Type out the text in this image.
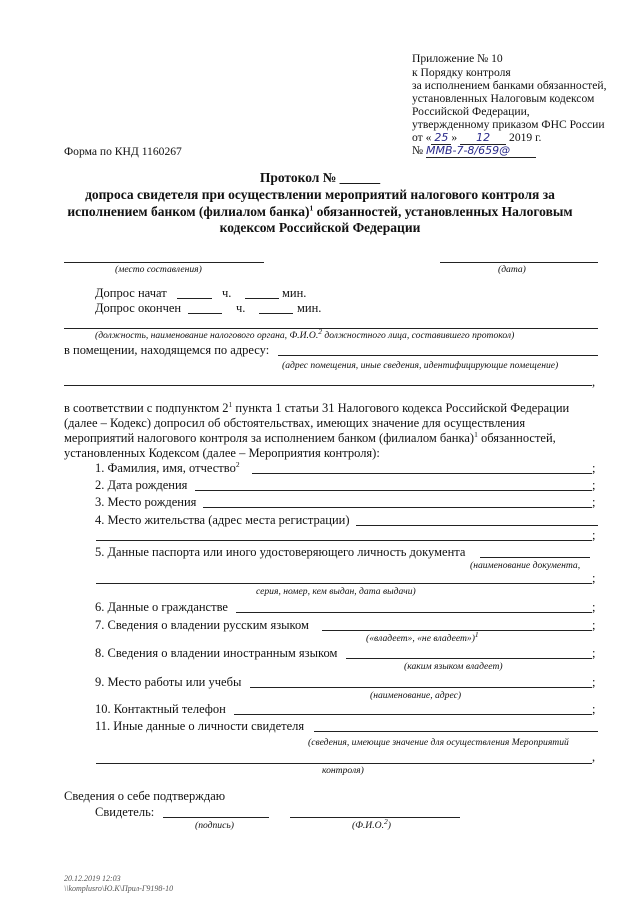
Приложение № 10
к Порядку контроля
за исполнением банками обязанностей,
установленных Налоговым кодексом
Российской Федерации,
утвержденному приказом ФНС России
от « 25 » 12 2019 г.
№ ММВ-7-8/659@
Форма по КНД 1160267
Протокол № ______
допроса свидетеля при осуществлении мероприятий налогового контроля за
исполнением банком (филиалом банка)$^1$ обязанностей, установленных Налоговым
кодексом Российской Федерации
(место составления)	(дата)
Допрос начат	ч.	мин.
Допрос окончен	ч.	мин.
(должность, наименование налогового органа, Ф.И.О.$^2$ должностного лица, составившего протокол)
в помещении, находящемся по адресу:
(адрес помещения, иные сведения, идентифицирующие помещение)
,
в соответствии с подпунктом $2^1$ пункта 1 статьи 31 Налогового кодекса Российской Федерации
(далее – Кодекс) допросил об обстоятельствах, имеющих значение для осуществления
мероприятий налогового контроля за исполнением банком (филиалом банка)$^1$ обязанностей,
установленных Кодексом (далее – Мероприятия контроля):
1. Фамилия, имя, отчество$^2$	;
2. Дата рождения	;
3. Место рождения	;
4. Место жительства (адрес места регистрации)
;
5. Данные паспорта или иного удостоверяющего личность документа
(наименование документа,
;
серия, номер, кем выдан, дата выдачи)
6. Данные о гражданстве	;
7. Сведения о владении русским языком	;
(«владеет», «не владеет»)$^1$
8. Сведения о владении иностранным языком	;
(каким языком владеет)
9. Место работы или учебы	;
(наименование, адрес)
10. Контактный телефон	;
11. Иные данные о личности свидетеля
(сведения, имеющие значение для осуществления Мероприятий
,
контроля)
Сведения о себе подтверждаю
Свидетель:
(подпись)	(Ф.И.О.$^2$)
20.12.2019 12:03
\\komplusro\Ю.К\Прил-Г9198-10
